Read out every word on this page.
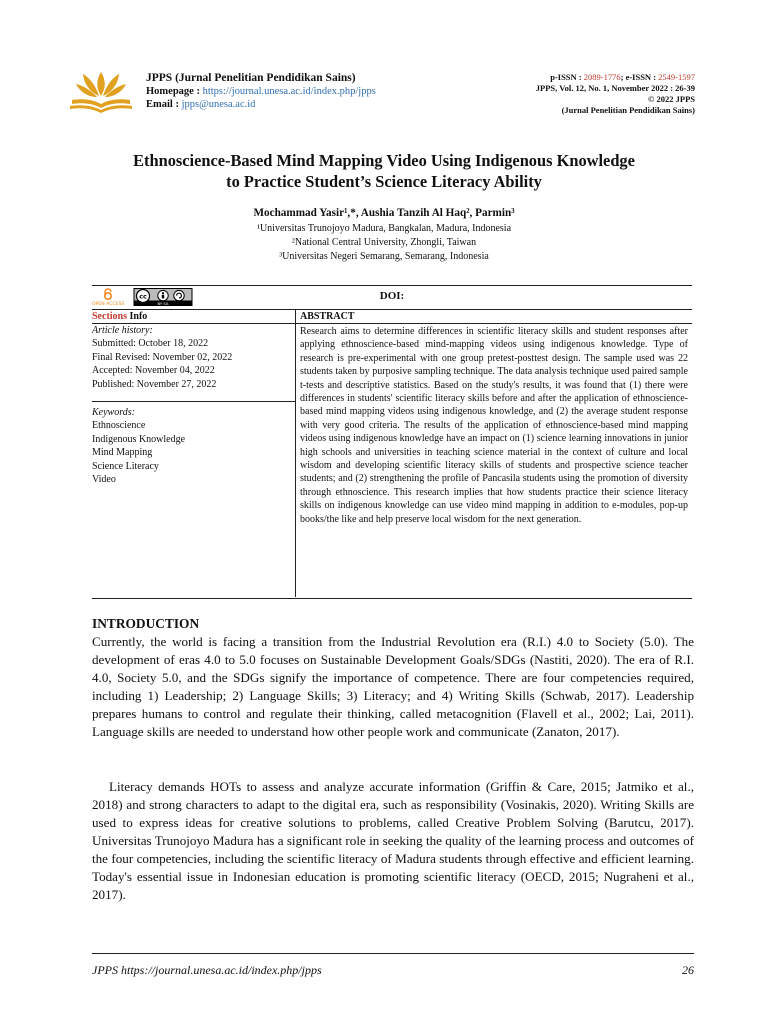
JPPS (Jurnal Penelitian Pendidikan Sains)
Homepage : https://journal.unesa.ac.id/index.php/jpps
Email : jpps@unesa.ac.id
p-ISSN : 2089-1776; e-ISSN : 2549-1597
JPPS, Vol. 12, No. 1, November 2022 : 26-39
© 2022 JPPS
(Jurnal Penelitian Pendidikan Sains)
Ethnoscience-Based Mind Mapping Video Using Indigenous Knowledge
to Practice Student’s Science Literacy Ability
Mochammad Yasir¹,*, Aushia Tanzih Al Haq², Parmin³
¹Universitas Trunojoyo Madura, Bangkalan, Madura, Indonesia
²National Central University, Zhongli, Taiwan
³Universitas Negeri Semarang, Semarang, Indonesia
OPEN ACCESS
cc
BY SA
DOI:
Sections Info	ABSTRACT
Article history:
Submitted: October 18, 2022
Final Revised: November 02, 2022
Accepted: November 04, 2022
Published: November 27, 2022
Keywords:
Ethnoscience
Indigenous Knowledge
Mind Mapping
Science Literacy
Video

Research aims to determine differences in scientific literacy skills and student responses after applying ethnoscience-based mind-mapping videos using indigenous knowledge. Type of research is pre-experimental with one group pretest-posttest design. The sample used was 22 students taken by purposive sampling technique. The data analysis technique used paired sample t-tests and descriptive statistics. Based on the study's results, it was found that (1) there were differences in students' scientific literacy skills before and after the application of ethnoscience-based mind mapping videos using indigenous knowledge, and (2) the average student response with very good criteria. The results of the application of ethnoscience-based mind mapping videos using indigenous knowledge have an impact on (1) science learning innovations in junior high schools and universities in teaching science material in the context of culture and local wisdom and developing scientific literacy skills of students and prospective science teacher students; and (2) strengthening the profile of Pancasila students using the promotion of diversity through ethnoscience. This research implies that how students practice their science literacy skills on indigenous knowledge can use video mind mapping in addition to e-modules, pop-up books/the like and help preserve local wisdom for the next generation.

INTRODUCTION

Currently, the world is facing a transition from the Industrial Revolution era (R.I.) 4.0 to Society (5.0). The development of eras 4.0 to 5.0 focuses on Sustainable Development Goals/SDGs (Nastiti, 2020). The era of R.I. 4.0, Society 5.0, and the SDGs signify the importance of competence. There are four competencies required, including 1) Leadership; 2) Language Skills; 3) Literacy; and 4) Writing Skills (Schwab, 2017). Leadership prepares humans to control and regulate their thinking, called metacognition (Flavell et al., 2002; Lai, 2011). Language skills are needed to understand how other people work and communicate (Zanaton, 2017).

Literacy demands HOTs to assess and analyze accurate information (Griffin & Care, 2015; Jatmiko et al., 2018) and strong characters to adapt to the digital era, such as responsibility (Vosinakis, 2020). Writing Skills are used to express ideas for creative solutions to problems, called Creative Problem Solving (Barutcu, 2017). Universitas Trunojoyo Madura has a significant role in seeking the quality of the learning process and outcomes of the four competencies, including the scientific literacy of Madura students through effective and efficient learning. Today's essential issue in Indonesian education is promoting scientific literacy (OECD, 2015; Nugraheni et al., 2017).

JPPS https://journal.unesa.ac.id/index.php/jpps	26
